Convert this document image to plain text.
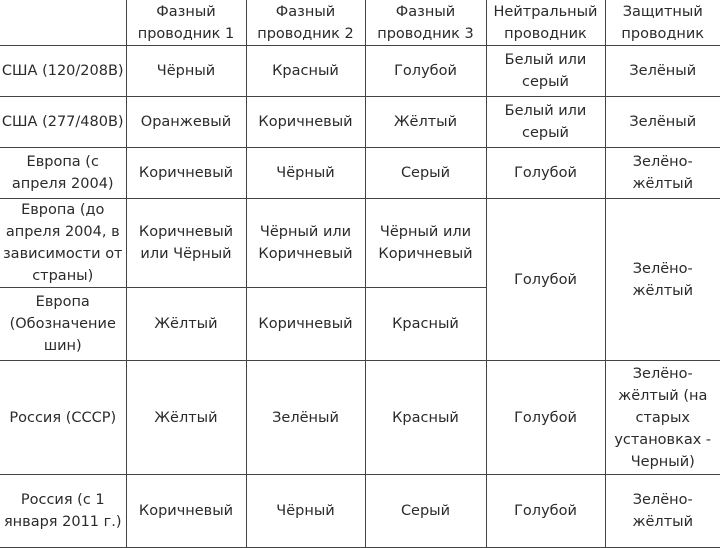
	Фазный проводник 1	Фазный проводник 2	Фазный проводник 3	Нейтральный проводник	Защитный проводник
США (120/208В)	Чёрный	Красный	Голубой	Белый или серый	Зелёный
США (277/480В)	Оранжевый	Коричневый	Жёлтый	Белый или серый	Зелёный
Европа (с апреля 2004)	Коричневый	Чёрный	Серый	Голубой	Зелёно-жёлтый
Европа (до апреля 2004, в зависимости от страны)	Коричневый или Чёрный	Чёрный или Коричневый	Чёрный или Коричневый	Голубой	Зелёно-жёлтый
Европа (Обозначение шин)	Жёлтый	Коричневый	Красный		
Россия (СССР)	Жёлтый	Зелёный	Красный	Голубой	Зелёно-жёлтый (на старых установках - Черный)
Россия (с 1 января 2011 г.)	Коричневый	Чёрный	Серый	Голубой	Зелёно-жёлтый
